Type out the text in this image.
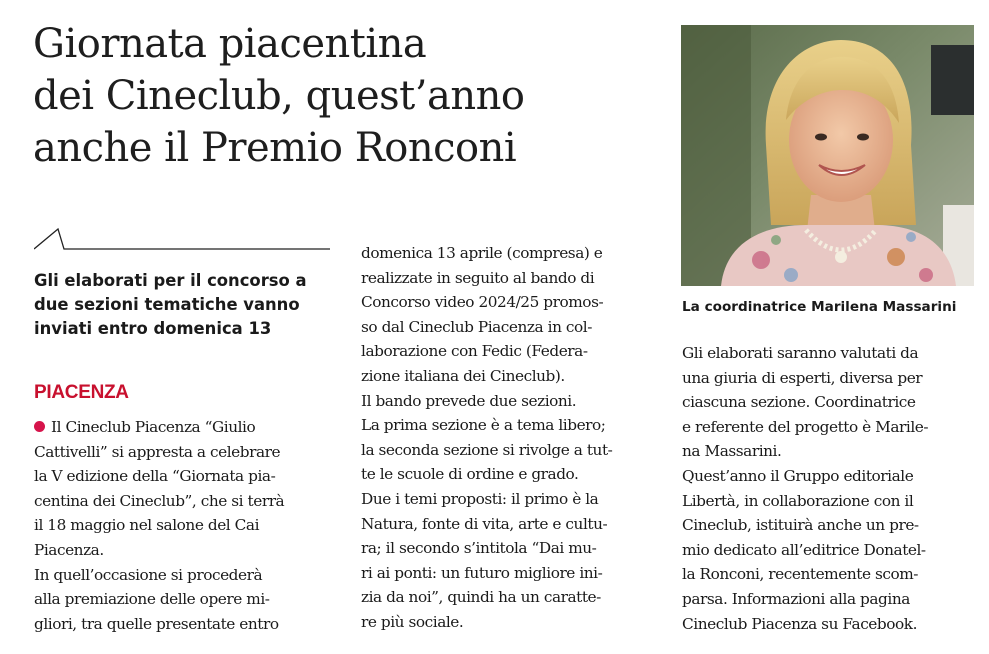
Giornata piacentina
dei Cineclub, quest’anno
anche il Premio Ronconi

Gli elaborati per il concorso a
due sezioni tematiche vanno
inviati entro domenica 13

PIACENZA
Il Cineclub Piacenza “Giulio
Cattivelli” si appresta a celebrare
la V edizione della “Giornata pia-
centina dei Cineclub”, che si terrà
il 18 maggio nel salone del Cai
Piacenza.
In quell’occasione si procederà
alla premiazione delle opere mi-
gliori, tra quelle presentate entro
domenica 13 aprile (compresa) e
realizzate in seguito al bando di
Concorso video 2024/25 promos-
so dal Cineclub Piacenza in col-
laborazione con Fedic (Federa-
zione italiana dei Cineclub).
Il bando prevede due sezioni.
La prima sezione è a tema libero;
la seconda sezione si rivolge a tut-
te le scuole di ordine e grado.
Due i temi proposti: il primo è la
Natura, fonte di vita, arte e cultu-
ra; il secondo s’intitola “Dai mu-
ri ai ponti: un futuro migliore ini-
zia da noi”, quindi ha un caratte-
re più sociale.
La coordinatrice Marilena Massarini
Gli elaborati saranno valutati da
una giuria di esperti, diversa per
ciascuna sezione. Coordinatrice
e referente del progetto è Marile-
na Massarini.
Quest’anno il Gruppo editoriale
Libertà, in collaborazione con il
Cineclub, istituirà anche un pre-
mio dedicato all’editrice Donatel-
la Ronconi, recentemente scom-
parsa. Informazioni alla pagina
Cineclub Piacenza su Facebook.
